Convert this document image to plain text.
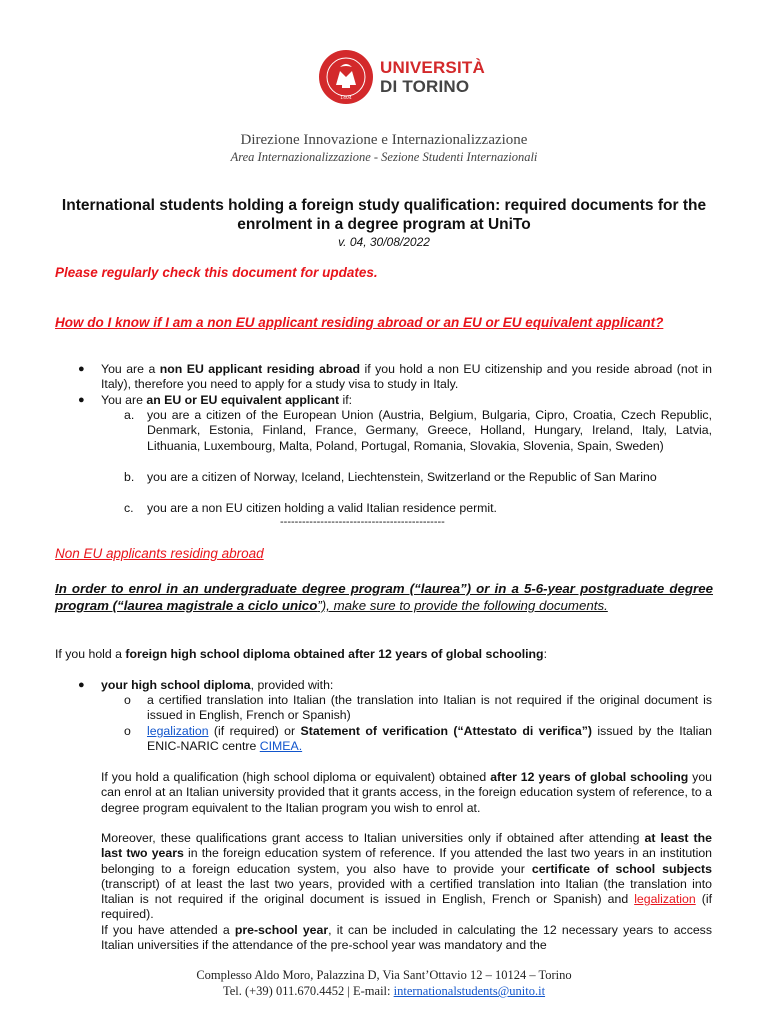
1404
UNIVERSITÀ
DI TORINO
Direzione Innovazione e Internazionalizzazione
Area Internazionalizzazione - Sezione Studenti Internazionali
International students holding a foreign study qualification: required documents for the enrolment in a degree program at UniTo
v. 04, 30/08/2022
Please regularly check this document for updates.
How do I know if I am a non EU applicant residing abroad or an EU or EU equivalent applicant?
● You are a non EU applicant residing abroad if you hold a non EU citizenship and you reside abroad (not in Italy), therefore you need to apply for a study visa to study in Italy.
● You are an EU or EU equivalent applicant if:
a. you are a citizen of the European Union (Austria, Belgium, Bulgaria, Cipro, Croatia, Czech Republic, Denmark, Estonia, Finland, France, Germany, Greece, Holland, Hungary, Ireland, Italy, Latvia, Lithuania, Luxembourg, Malta, Poland, Portugal, Romania, Slovakia, Slovenia, Spain, Sweden)
b. you are a citizen of Norway, Iceland, Liechtenstein, Switzerland or the Republic of San Marino
c. you are a non EU citizen holding a valid Italian residence permit.
---------------------------------------------
Non EU applicants residing abroad
In order to enrol in an undergraduate degree program (“laurea”) or in a 5-6-year postgraduate degree program (“laurea magistrale a ciclo unico”), make sure to provide the following documents.
If you hold a foreign high school diploma obtained after 12 years of global schooling:
● your high school diploma, provided with:
o a certified translation into Italian (the translation into Italian is not required if the original document is issued in English, French or Spanish)
o legalization (if required) or Statement of verification (“Attestato di verifica”) issued by the Italian ENIC-NARIC centre CIMEA.
If you hold a qualification (high school diploma or equivalent) obtained after 12 years of global schooling you can enrol at an Italian university provided that it grants access, in the foreign education system of reference, to a degree program equivalent to the Italian program you wish to enrol at.
Moreover, these qualifications grant access to Italian universities only if obtained after attending at least the last two years in the foreign education system of reference. If you attended the last two years in an institution belonging to a foreign education system, you also have to provide your certificate of school subjects (transcript) of at least the last two years, provided with a certified translation into Italian (the translation into Italian is not required if the original document is issued in English, French or Spanish) and legalization (if required).
If you have attended a pre-school year, it can be included in calculating the 12 necessary years to access Italian universities if the attendance of the pre-school year was mandatory and the
Complesso Aldo Moro, Palazzina D, Via Sant’Ottavio 12 – 10124 – Torino
Tel. (+39) 011.670.4452 | E-mail: internationalstudents@unito.it
